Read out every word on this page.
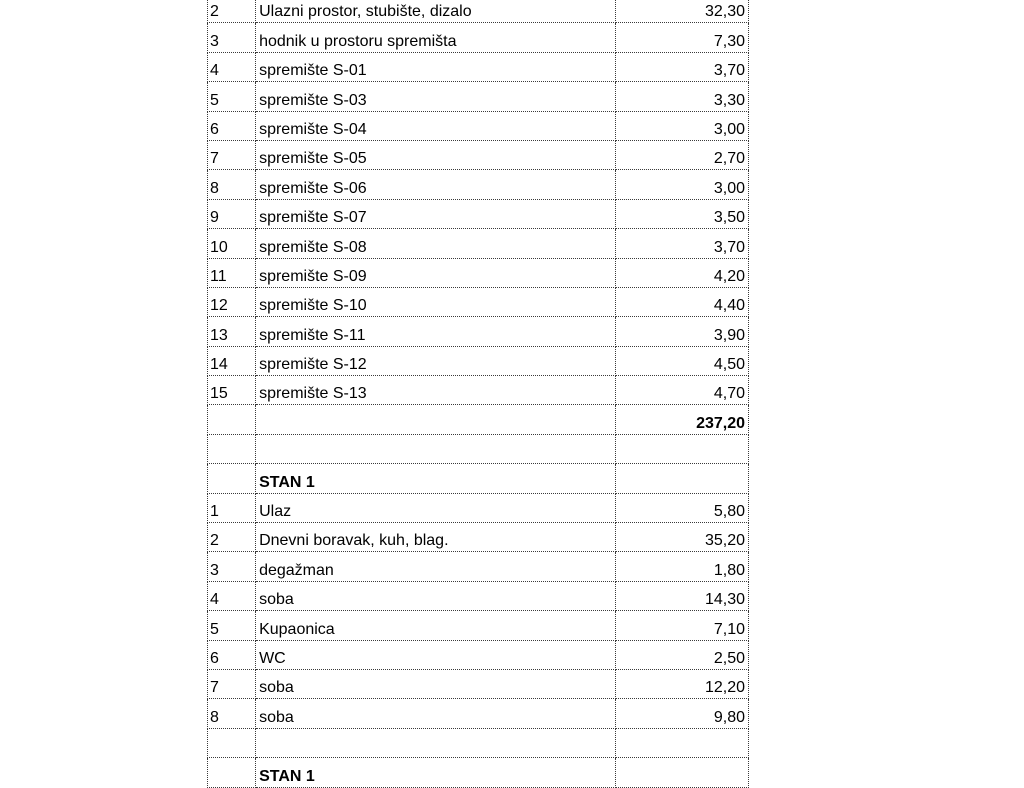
2	Ulazni prostor, stubište, dizalo	32,30
3	hodnik u prostoru spremišta	7,30
4	spremište S-01	3,70
5	spremište S-03	3,30
6	spremište S-04	3,00
7	spremište S-05	2,70
8	spremište S-06	3,00
9	spremište S-07	3,50
10	spremište S-08	3,70
11	spremište S-09	4,20
12	spremište S-10	4,40
13	spremište S-11	3,90
14	spremište S-12	4,50
15	spremište S-13	4,70
		237,20

	STAN 1	
1	Ulaz	5,80
2	Dnevni boravak, kuh, blag.	35,20
3	degažman	1,80
4	soba	14,30
5	Kupaonica	7,10
6	WC	2,50
7	soba	12,20
8	soba	9,80

	STAN 1	
